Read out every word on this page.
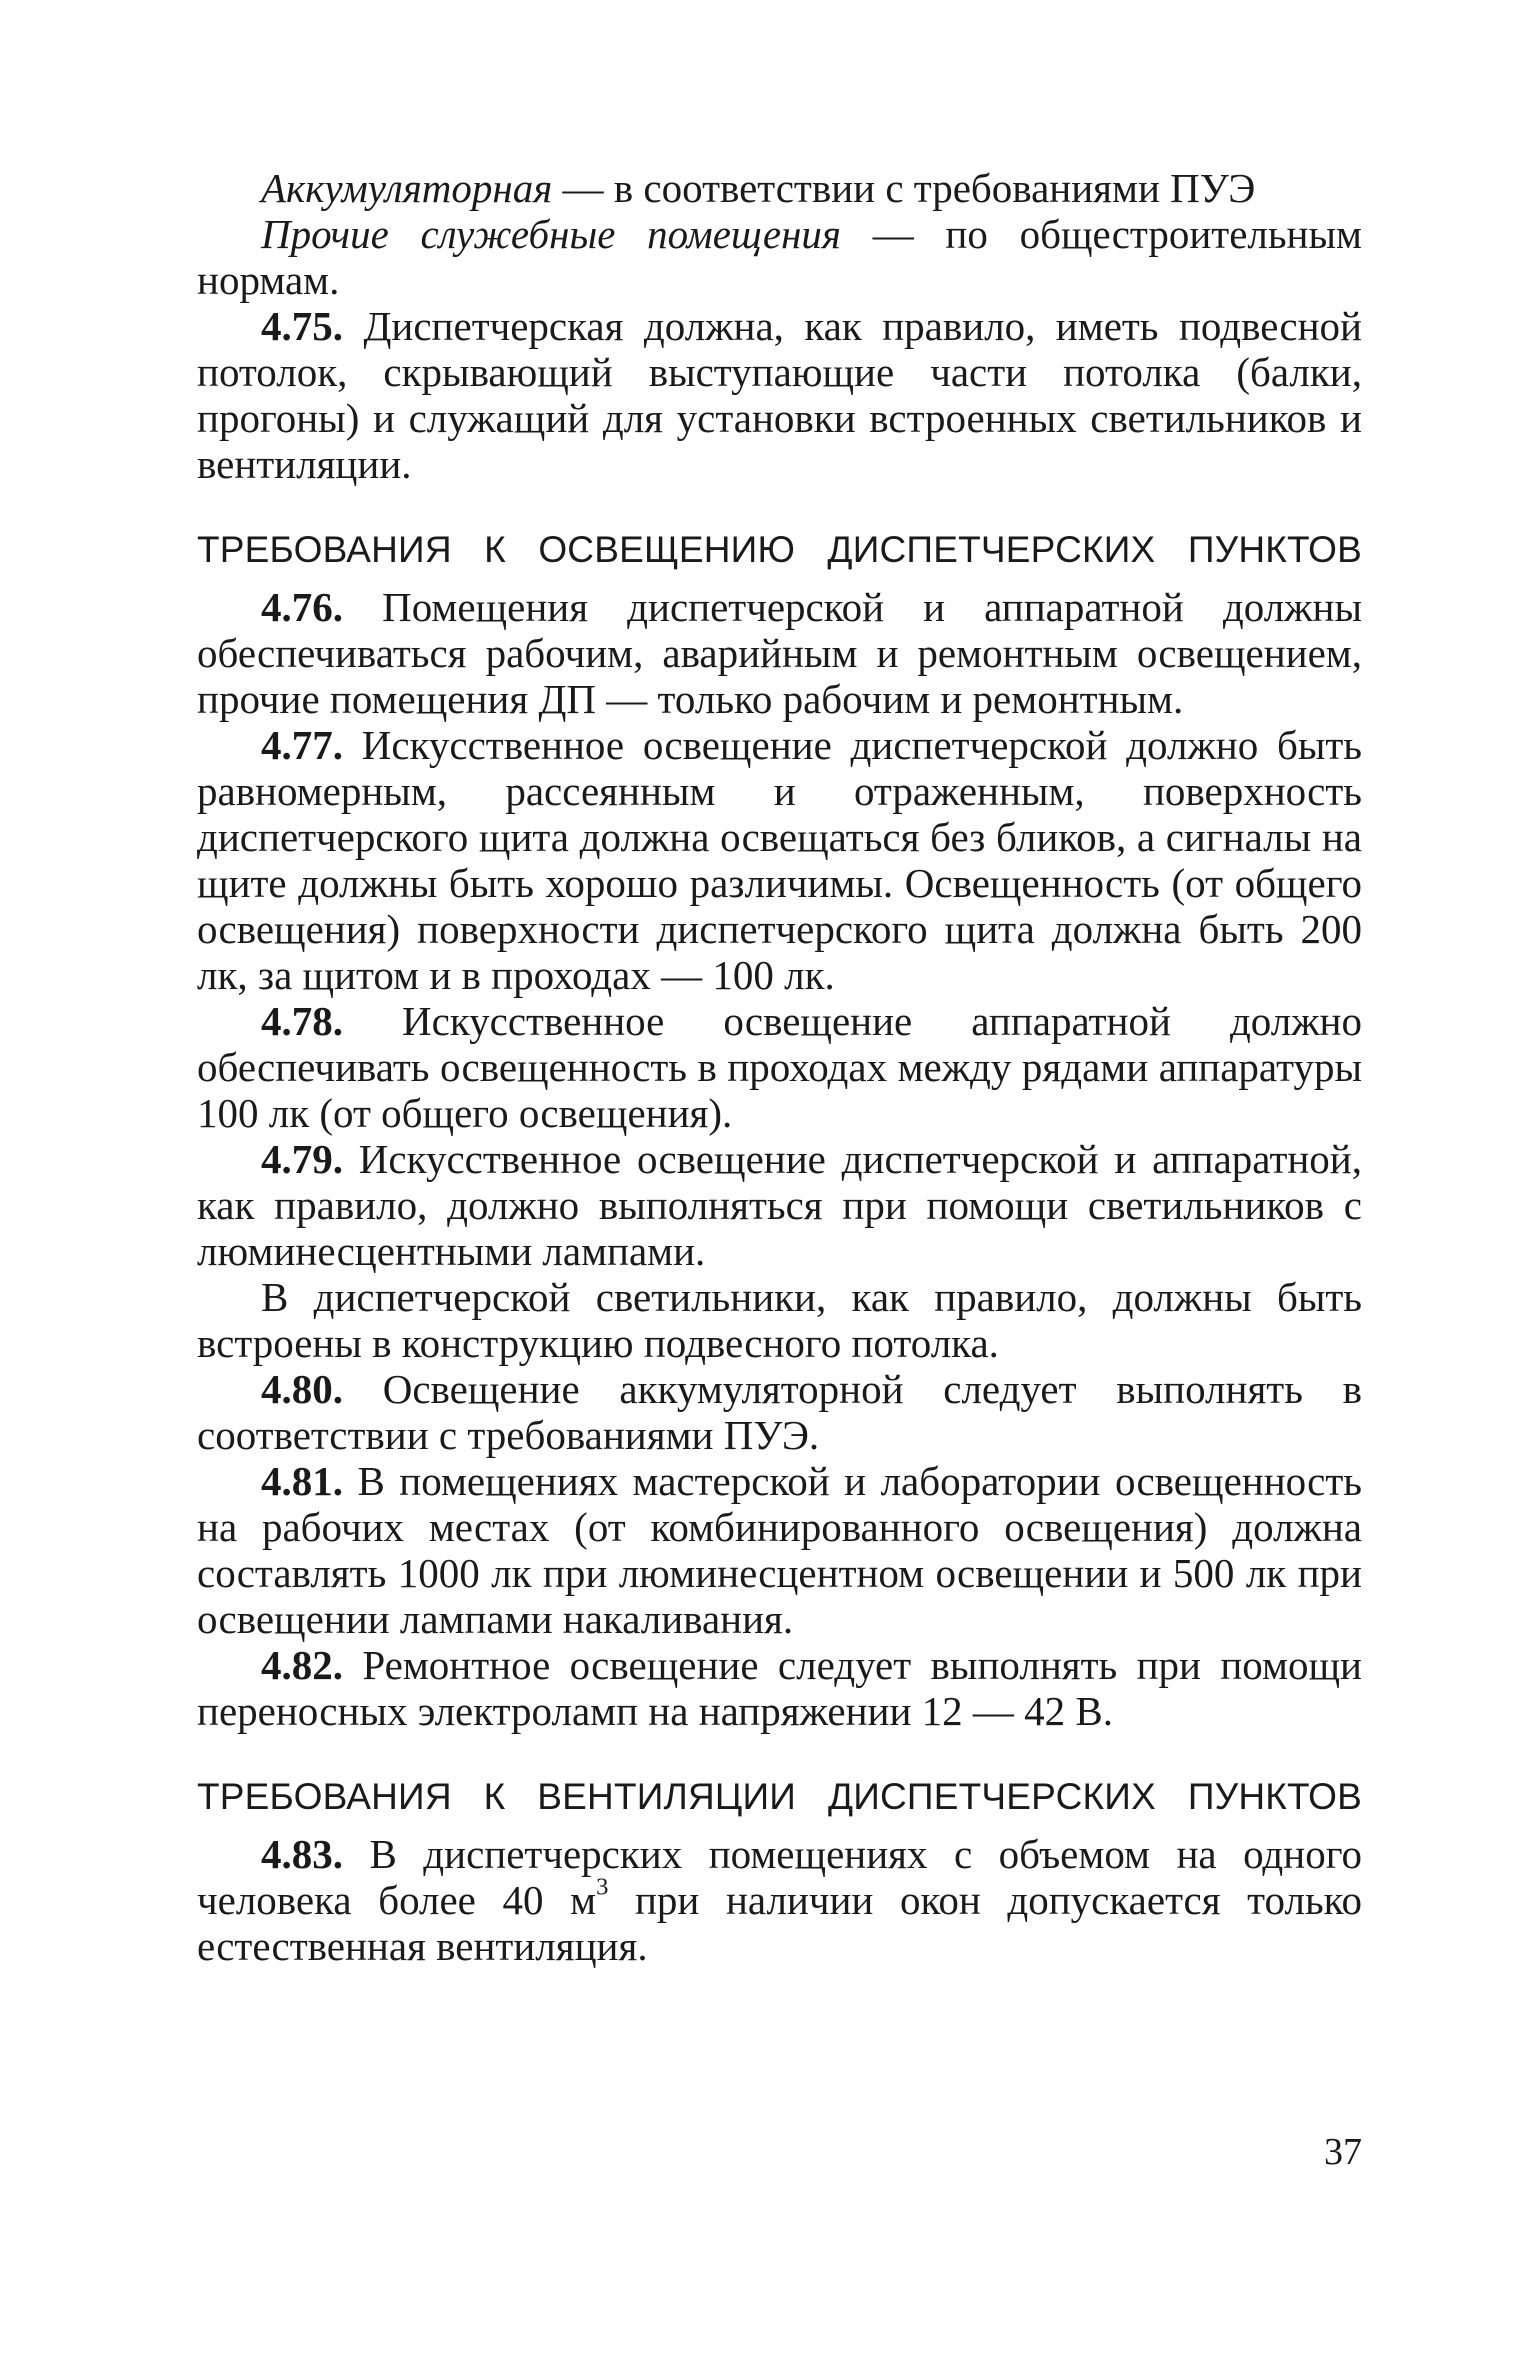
Аккумуляторная — в соответствии с требованиями ПУЭ

Прочие служебные помещения — по общестроительным нормам.

4.75. Диспетчерская должна, как правило, иметь подвесной потолок, скрывающий выступающие части потолка (балки, прогоны) и служащий для установки встроенных светильников и вентиляции.

ТРЕБОВАНИЯ К ОСВЕЩЕНИЮ ДИСПЕТЧЕРСКИХ ПУНКТОВ

4.76. Помещения диспетчерской и аппаратной должны обеспечиваться рабочим, аварийным и ремонтным освещением, прочие помещения ДП — только рабочим и ремонтным.

4.77. Искусственное освещение диспетчерской должно быть равномерным, рассеянным и отраженным, поверхность диспетчерского щита должна освещаться без бликов, а сигналы на щите должны быть хорошо различимы. Освещенность (от общего освещения) поверхности диспетчерского щита должна быть 200 лк, за щитом и в проходах — 100 лк.

4.78. Искусственное освещение аппаратной должно обеспечивать освещенность в проходах между рядами аппаратуры 100 лк (от общего освещения).

4.79. Искусственное освещение диспетчерской и аппаратной, как правило, должно выполняться при помощи светильников с люминесцентными лампами.

В диспетчерской светильники, как правило, должны быть встроены в конструкцию подвесного потолка.

4.80. Освещение аккумуляторной следует выполнять в соответствии с требованиями ПУЭ.

4.81. В помещениях мастерской и лаборатории освещенность на рабочих местах (от комбинированного освещения) должна составлять 1000 лк при люминесцентном освещении и 500 лк при освещении лампами накаливания.

4.82. Ремонтное освещение следует выполнять при помощи переносных электроламп на напряжении 12 — 42 В.

ТРЕБОВАНИЯ К ВЕНТИЛЯЦИИ ДИСПЕТЧЕРСКИХ ПУНКТОВ

4.83. В диспетчерских помещениях с объемом на одного человека более 40 $м^3$ при наличии окон допускается только естественная вентиляция.

37
